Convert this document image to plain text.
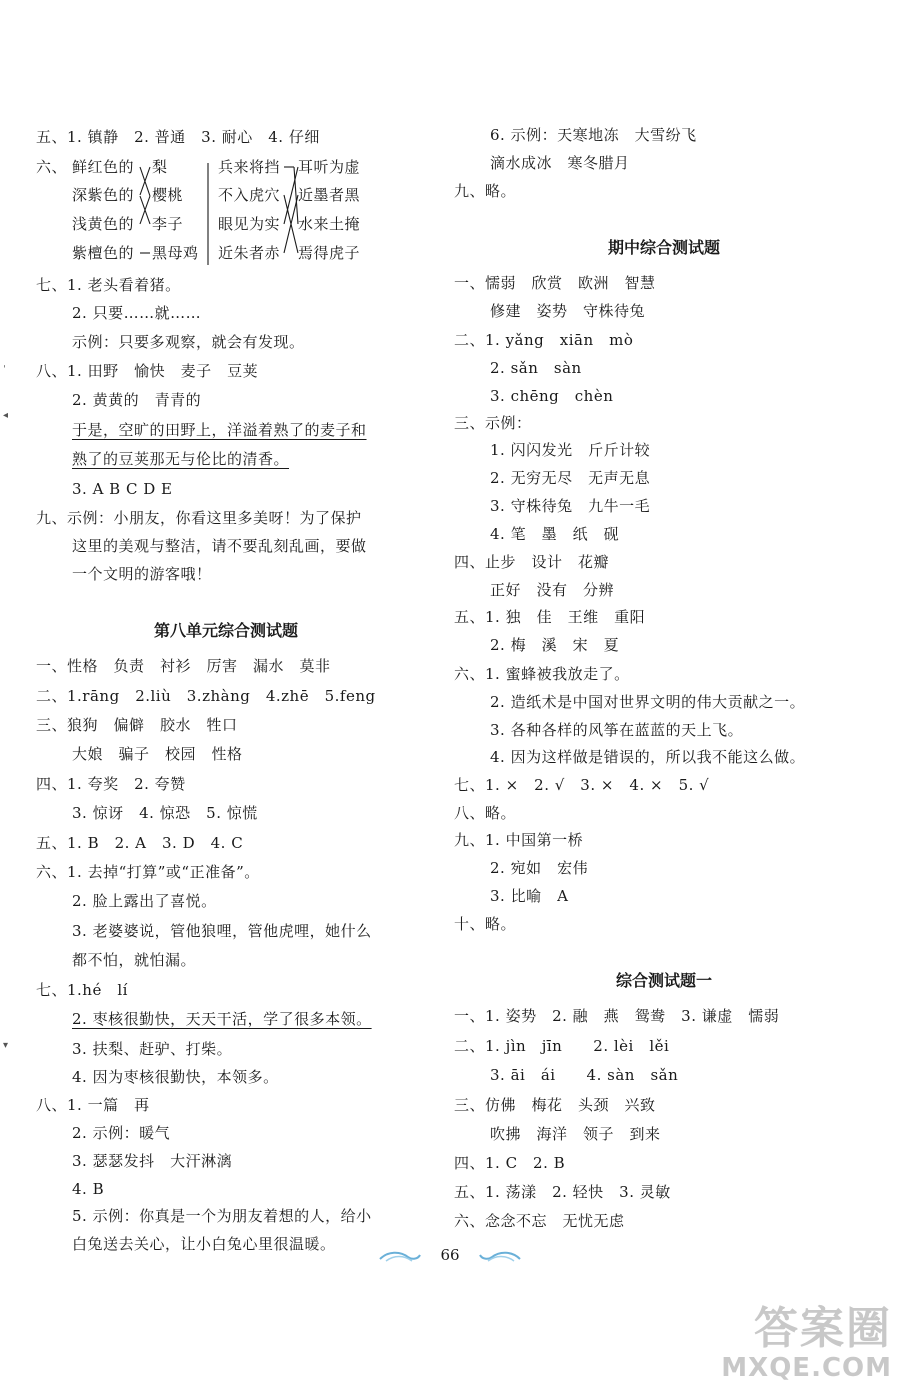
五、1. 镇静　2. 普通　3. 耐心　4. 仔细
六、 鲜红色的
深紫色的
浅黄色的
紫檀色的
梨
樱桃
李子
黑母鸡
兵来将挡
不入虎穴
眼见为实
近朱者赤
耳听为虚
近墨者黑
水来土掩
焉得虎子
七、1. 老头看着猪。
2. 只要……就……
示例：只要多观察，就会有发现。
八、1. 田野　愉快　麦子　豆荚
2. 黄黄的　青青的
于是，空旷的田野上，洋溢着熟了的麦子和
熟了的豆荚那无与伦比的清香。
3. A B C D E
九、示例：小朋友，你看这里多美呀！为了保护
这里的美观与整洁，请不要乱刻乱画，要做
一个文明的游客哦！
第八单元综合测试题
一、性格　负责　衬衫　厉害　漏水　莫非
二、1.rāng　2.liù　3.zhàng　4.zhē　5.feng
三、狼狗　偏僻　胶水　牲口
大娘　骗子　校园　性格
四、1. 夸奖　2. 夸赞
3. 惊讶　4. 惊恐　5. 惊慌
五、1. B　2. A　3. D　4. C
六、1. 去掉“打算”或“正准备”。
2. 脸上露出了喜悦。
3. 老婆婆说，管他狼哩，管他虎哩，她什么
都不怕，就怕漏。
七、1.hé　lí
2. 枣核很勤快，天天干活，学了很多本领。
3. 扶梨、赶驴、打柴。
4. 因为枣核很勤快，本领多。
八、1. 一篇　再
2. 示例：暖气
3. 瑟瑟发抖　大汗淋漓
4. B
5. 示例：你真是一个为朋友着想的人，给小
白兔送去关心，让小白兔心里很温暖。
6. 示例：天寒地冻　大雪纷飞
滴水成冰　寒冬腊月
九、略。
期中综合测试题
一、懦弱　欣赏　欧洲　智慧
修建　姿势　守株待兔
二、1. yǎng　xiān　mò
2. sǎn　sàn
3. chēng　chèn
三、示例：
1. 闪闪发光　斤斤计较
2. 无穷无尽　无声无息
3. 守株待兔　九牛一毛
4. 笔　墨　纸　砚
四、止步　设计　花瓣
正好　没有　分辨
五、1. 独　佳　王维　重阳
2. 梅　溪　宋　夏
六、1. 蜜蜂被我放走了。
2. 造纸术是中国对世界文明的伟大贡献之一。
3. 各种各样的风筝在蓝蓝的天上飞。
4. 因为这样做是错误的，所以我不能这么做。
七、1. ×　2. √　3. ×　4. ×　5. √
八、略。
九、1. 中国第一桥
2. 宛如　宏伟
3. 比喻　A
十、略。
综合测试题一
一、1. 姿势　2. 融　燕　鸳鸯　3. 谦虚　懦弱
二、1. jìn　jīn　　2. lèi　lěi
3. āi　ái　　4. sàn　sǎn
三、仿佛　梅花　头颈　兴致
吹拂　海洋　领子　到来
四、1. C　2. B
五、1. 荡漾　2. 轻快　3. 灵敏
六、念念不忘　无忧无虑
ˈ
◂
▾
66
答案圈
MXQE.COM
